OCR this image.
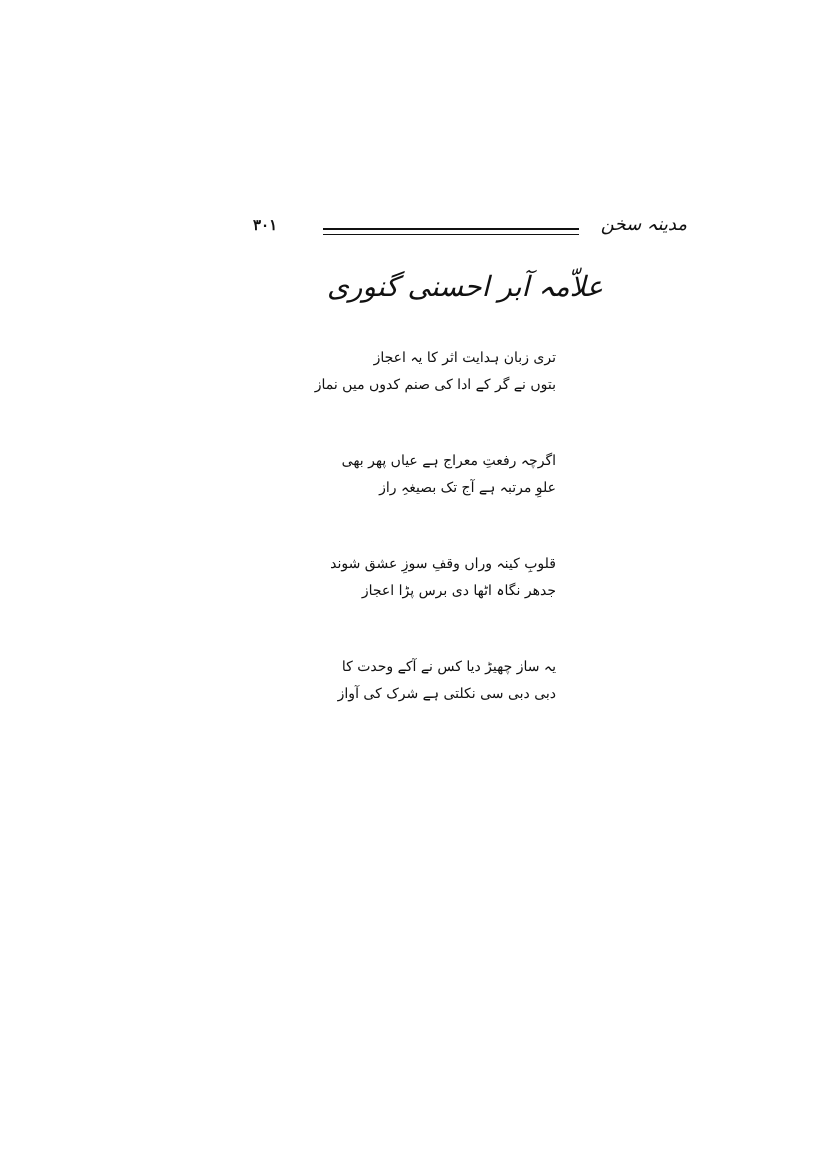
مدینہ سخن
۳۰۱
علاّمہ آبر احسنی گنوری
تری زبان ہدایت اثر کا یہ اعجاز
بتوں نے گر کے ادا کی صنم کدوں میں نماز
اگرچہ رفعتِ معراج ہے عیاں پھر بھی
علوِ مرتبہ ہے آج تک بصیغہِ راز
قلوبِ کینہ وراں وقفِ سوزِ عشق شوند
جدھر نگاہ اٹھا دی برس پڑا اعجاز
یہ ساز چھیڑ دیا کس نے آکے وحدت کا
دبی دبی سی نکلتی ہے شرک کی آواز
